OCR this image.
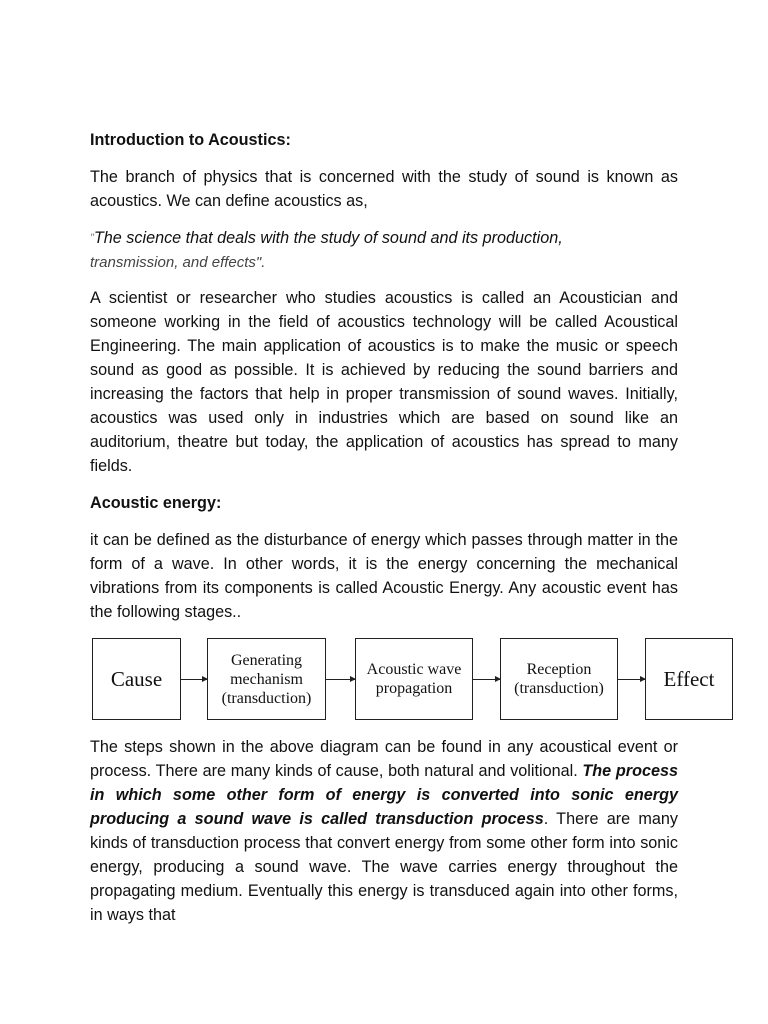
Introduction to Acoustics:
The branch of physics that is concerned with the study of sound is known as acoustics. We can define acoustics as,
"The science that deals with the study of sound and its production,
transmission, and effects".
A scientist or researcher who studies acoustics is called an Acoustician and someone working in the field of acoustics technology will be called Acoustical Engineering. The main application of acoustics is to make the music or speech sound as good as possible. It is achieved by reducing the sound barriers and increasing the factors that help in proper transmission of sound waves. Initially, acoustics was used only in industries which are based on sound like an auditorium, theatre but today, the application of acoustics has spread to many fields.
Acoustic energy:
it can be defined as the disturbance of energy which passes through matter in the form of a wave. In other words, it is the energy concerning the mechanical vibrations from its components is called Acoustic Energy. Any acoustic event has the following stages..
Cause
Generating mechanism (transduction)
Acoustic wave propagation
Reception (transduction)	Effect
The steps shown in the above diagram can be found in any acoustical event or process. There are many kinds of cause, both natural and volitional. The process in which some other form of energy is converted into sonic energy producing a sound wave is called transduction process. There are many kinds of transduction process that convert energy from some other form into sonic energy, producing a sound wave. The wave carries energy throughout the propagating medium. Eventually this energy is transduced again into other forms, in ways that
